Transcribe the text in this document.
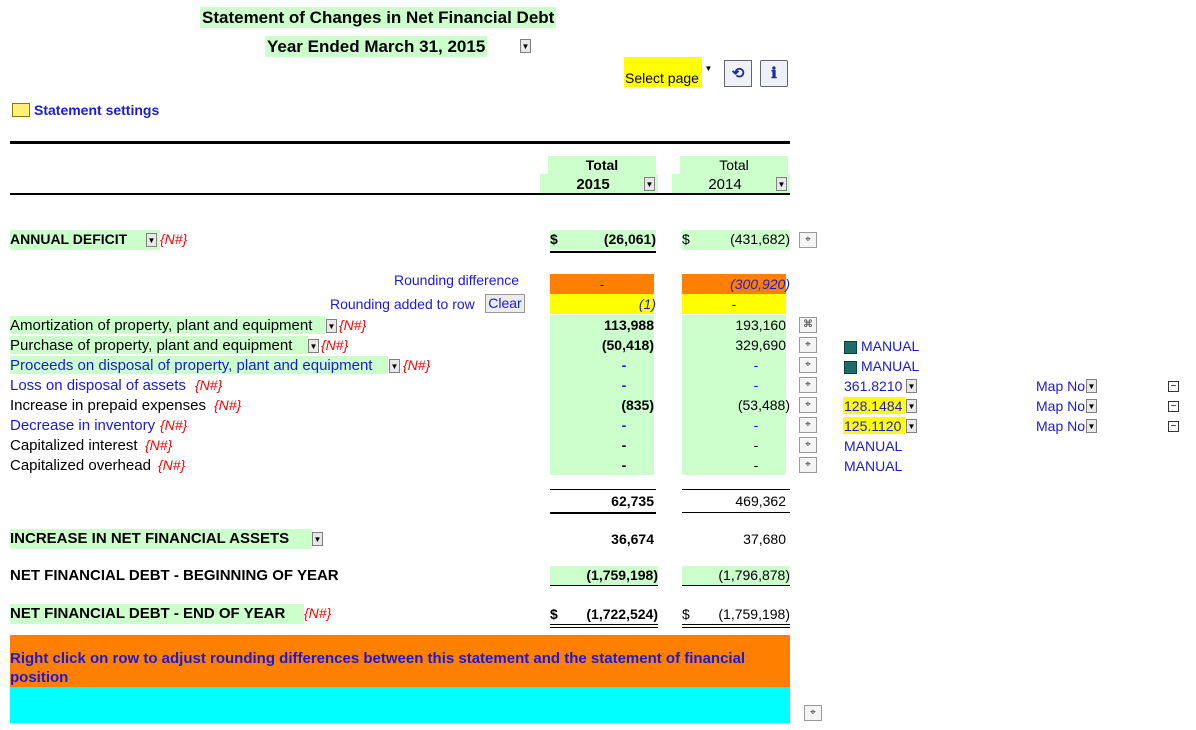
Statement of Changes in Net Financial Debt
Year Ended March 31, 2015	▼
Select page
▼	⟲	ℹ
Statement settings
Total
2015	▼
Total
2014	▼
ANNUAL DEFICIT	▼ {N#}	$	(26,061) $	(431,682)	⌖
Rounding difference	-	(300,920)
Rounding added to row Clear	(1)	-
Amortization of property, plant and equipment ▼ {N#}	113,988	193,160	⌘
Purchase of property, plant and equipment ▼ {N#}	(50,418)	329,690	⌖	MANUAL
Proceeds on disposal of property, plant and equipment ▼ {N#}	-	-	⌖	MANUAL
Loss on disposal of assets {N#}	-	-	⌖	361.8210 ▼	Map No ▼	−
Increase in prepaid expenses {N#}	(835)	(53,488)	⌖	128.1484 ▼	Map No ▼	−
Decrease in inventory {N#}	-	-	⌖	125.1120 ▼	Map No ▼	−
Capitalized interest {N#}	-	-	⌖	MANUAL
Capitalized overhead {N#}	-	-	⌖	MANUAL
62,735	469,362
INCREASE IN NET FINANCIAL ASSETS	▼	36,674	37,680
NET FINANCIAL DEBT - BEGINNING OF YEAR	(1,759,198)	(1,796,878)
NET FINANCIAL DEBT - END OF YEAR {N#}	$	(1,722,524) $	(1,759,198)
Right click on row to adjust rounding differences between this statement and the statement of financial position
⌖
